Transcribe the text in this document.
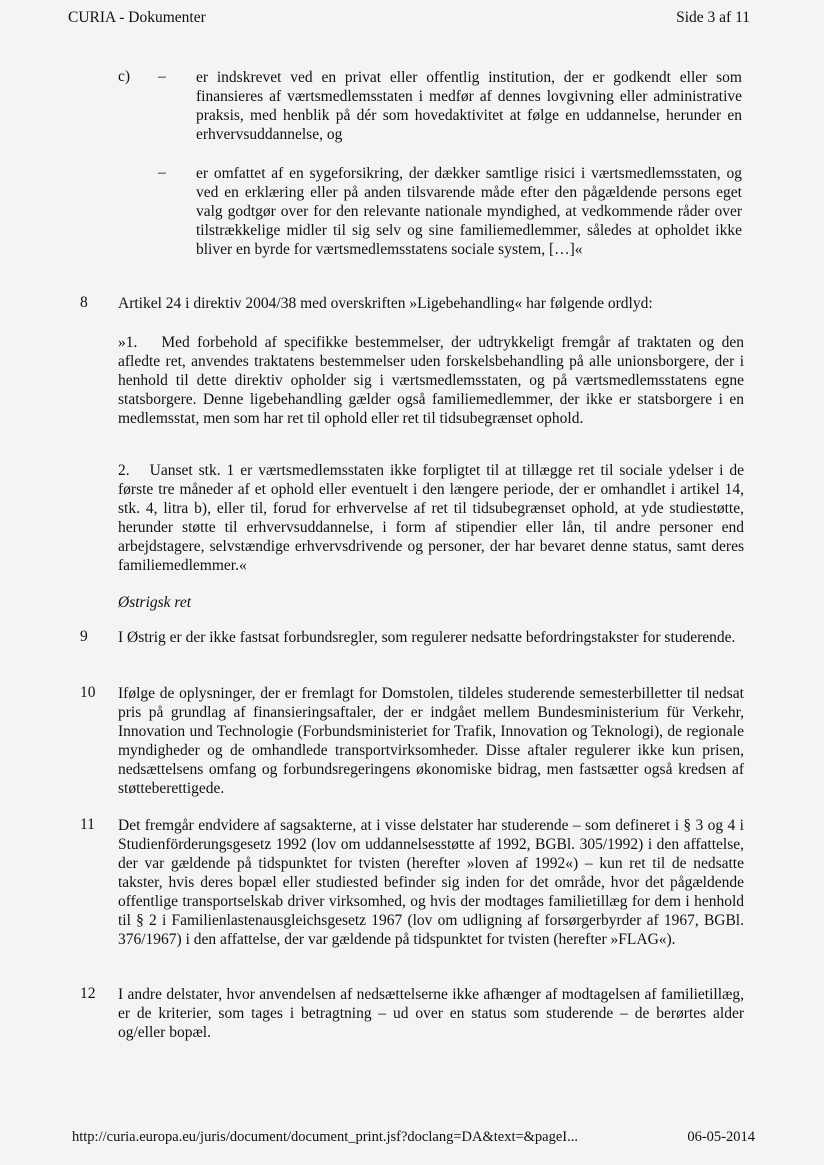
CURIA - Dokumenter	Side 3 af 11
c) – er indskrevet ved en privat eller offentlig institution, der er godkendt eller som finansieres af værtsmedlemsstaten i medfør af dennes lovgivning eller administrative praksis, med henblik på dér som hovedaktivitet at følge en uddannelse, herunder en erhvervsuddannelse, og

– er omfattet af en sygeforsikring, der dækker samtlige risici i værtsmedlemsstaten, og ved en erklæring eller på anden tilsvarende måde efter den pågældende persons eget valg godtgør over for den relevante nationale myndighed, at vedkommende råder over tilstrækkelige midler til sig selv og sine familiemedlemmer, således at opholdet ikke bliver en byrde for værtsmedlemsstatens sociale system, […]«

8 Artikel 24 i direktiv 2004/38 med overskriften »Ligebehandling« har følgende ordlyd:

»1. Med forbehold af specifikke bestemmelser, der udtrykkeligt fremgår af traktaten og den afledte ret, anvendes traktatens bestemmelser uden forskelsbehandling på alle unionsborgere, der i henhold til dette direktiv opholder sig i værtsmedlemsstaten, og på værtsmedlemsstatens egne statsborgere. Denne ligebehandling gælder også familiemedlemmer, der ikke er statsborgere i en medlemsstat, men som har ret til ophold eller ret til tidsubegrænset ophold.

2. Uanset stk. 1 er værtsmedlemsstaten ikke forpligtet til at tillægge ret til sociale ydelser i de første tre måneder af et ophold eller eventuelt i den længere periode, der er omhandlet i artikel 14, stk. 4, litra b), eller til, forud for erhvervelse af ret til tidsubegrænset ophold, at yde studiestøtte, herunder støtte til erhvervsuddannelse, i form af stipendier eller lån, til andre personer end arbejdstagere, selvstændige erhvervsdrivende og personer, der har bevaret denne status, samt deres familiemedlemmer.«

Østrigsk ret
9 I Østrig er der ikke fastsat forbundsregler, som regulerer nedsatte befordringstakster for studerende.

10 Ifølge de oplysninger, der er fremlagt for Domstolen, tildeles studerende semesterbilletter til nedsat pris på grundlag af finansieringsaftaler, der er indgået mellem Bundesministerium für Verkehr, Innovation und Technologie (Forbundsministeriet for Trafik, Innovation og Teknologi), de regionale myndigheder og de omhandlede transportvirksomheder. Disse aftaler regulerer ikke kun prisen, nedsættelsens omfang og forbundsregeringens økonomiske bidrag, men fastsætter også kredsen af støtteberettigede.

11 Det fremgår endvidere af sagsakterne, at i visse delstater har studerende – som defineret i § 3 og 4 i Studienförderungsgesetz 1992 (lov om uddannelsesstøtte af 1992, BGBl. 305/1992) i den affattelse, der var gældende på tidspunktet for tvisten (herefter »loven af 1992«) – kun ret til de nedsatte takster, hvis deres bopæl eller studiested befinder sig inden for det område, hvor det pågældende offentlige transportselskab driver virksomhed, og hvis der modtages familietillæg for dem i henhold til § 2 i Familienlastenausgleichsgesetz 1967 (lov om udligning af forsørgerbyrder af 1967, BGBl. 376/1967) i den affattelse, der var gældende på tidspunktet for tvisten (herefter »FLAG«).

12 I andre delstater, hvor anvendelsen af nedsættelserne ikke afhænger af modtagelsen af familietillæg, er de kriterier, som tages i betragtning – ud over en status som studerende – de berørtes alder og/eller bopæl.

http://curia.europa.eu/juris/document/document_print.jsf?doclang=DA&text=&pageI...	06-05-2014
